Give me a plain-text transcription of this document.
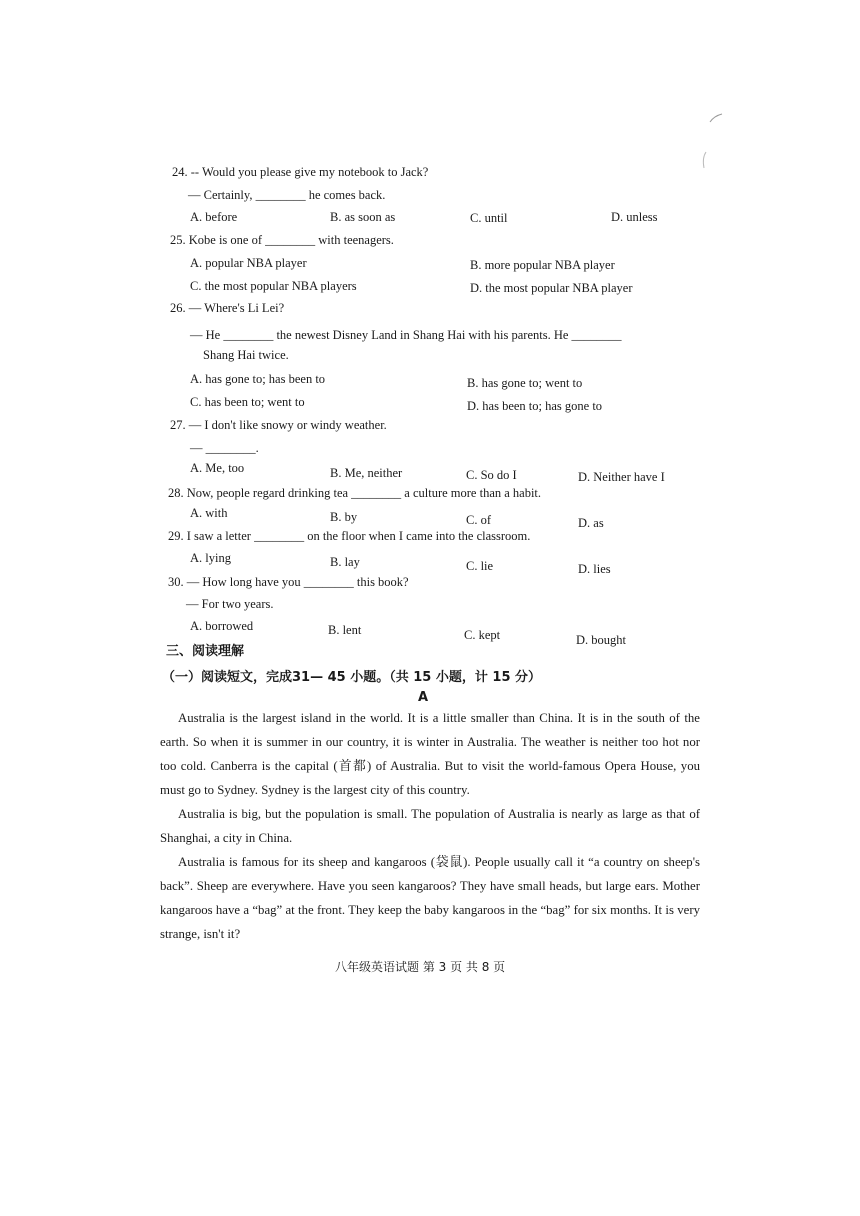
24. -- Would you please give my notebook to Jack?
— Certainly, ________ he comes back.
A. before	B. as soon as	C. until	D. unless
25. Kobe is one of ________ with teenagers.
A. popular NBA player	B. more popular NBA player
C. the most popular NBA players	D. the most popular NBA player
26. — Where's Li Lei?
— He ________ the newest Disney Land in Shang Hai with his parents. He ________
Shang Hai twice.
A. has gone to; has been to	B. has gone to; went to
C. has been to; went to	D. has been to; has gone to
27. — I don't like snowy or windy weather.
— ________.
A. Me, too	B. Me, neither	C. So do I	D. Neither have I
28. Now, people regard drinking tea ________ a culture more than a habit.
A. with	B. by	C. of	D. as
29. I saw a letter ________ on the floor when I came into the classroom.
A. lying	B. lay	C. lie	D. lies
30. — How long have you ________ this book?
— For two years.
A. borrowed	B. lent	C. kept	D. bought
三、阅读理解
（一）阅读短文，完成31— 45 小题。（共 15 小题，计 15 分）
A
Australia is the largest island in the world. It is a little smaller than China. It is in the south of the earth. So when it is summer in our country, it is winter in Australia. The weather is neither too hot nor too cold. Canberra is the capital (首都) of Australia. But to visit the world-famous Opera House, you must go to Sydney. Sydney is the largest city of this country.
Australia is big, but the population is small. The population of Australia is nearly as large as that of Shanghai, a city in China.
Australia is famous for its sheep and kangaroos (袋鼠). People usually call it “a country on sheep's back”. Sheep are everywhere. Have you seen kangaroos? They have small heads, but large ears. Mother kangaroos have a “bag” at the front. They keep the baby kangaroos in the “bag” for six months. It is very strange, isn't it?
八年级英语试题 第 3 页 共 8 页
